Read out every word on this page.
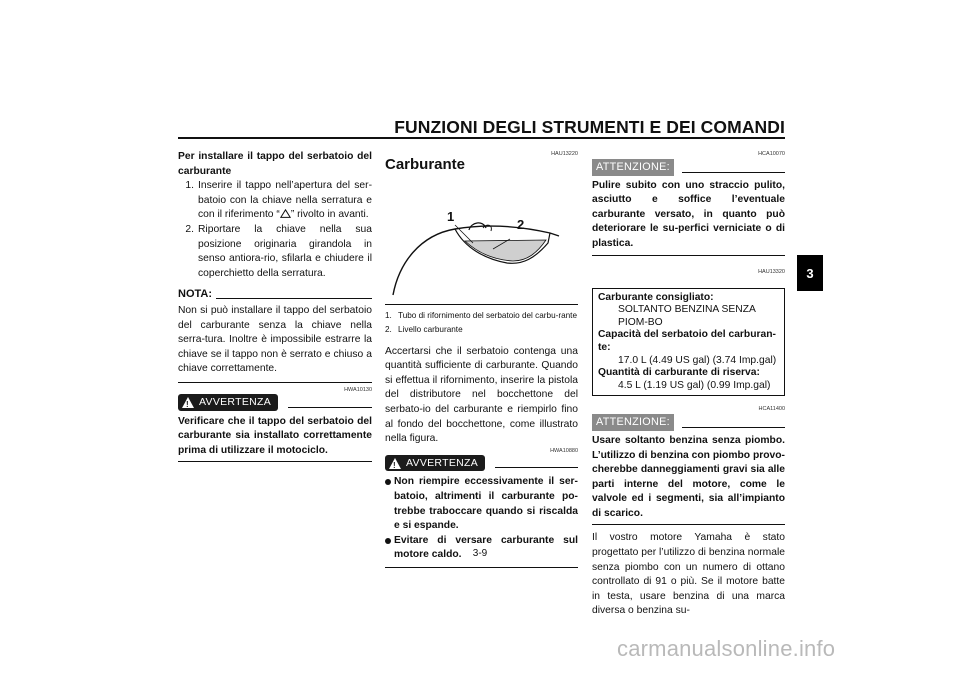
FUNZIONI DEGLI STRUMENTI E DEI COMANDI
3
Per installare il tappo del serbatoio del carburante
1. Inserire il tappo nell’apertura del ser-batoio con la chiave nella serratura e con il riferimento “ ” rivolto in avanti.
2. Riportare la chiave nella sua posizione originaria girandola in senso antiora-rio, sfilarla e chiudere il coperchietto della serratura.
NOTA:
Non si può installare il tappo del serbatoio del carburante senza la chiave nella serra-tura. Inoltre è impossibile estrarre la chiave se il tappo non è serrato e chiuso a chiave correttamente.
HWA10130
!
AVVERTENZA
Verificare che il tappo del serbatoio del carburante sia installato correttamente prima di utilizzare il motociclo.
HAU13220
Carburante
1
2
1. Tubo di rifornimento del serbatoio del carbu-rante
2. Livello carburante
Accertarsi che il serbatoio contenga una quantità sufficiente di carburante. Quando si effettua il rifornimento, inserire la pistola del distributore nel bocchettone del serbato-io del carburante e riempirlo fino al fondo del bocchettone, come illustrato nella figura.
HWA10880
!
AVVERTENZA
Non riempire eccessivamente il ser-batoio, altrimenti il carburante po-trebbe traboccare quando si riscalda e si espande.
Evitare di versare carburante sul motore caldo.
HCA10070
ATTENZIONE:
Pulire subito con uno straccio pulito, asciutto e soffice l’eventuale carburante versato, in quanto può deteriorare le su-perfici verniciate o di plastica.
HAU13320
Carburante consigliato:
SOLTANTO BENZINA SENZA PIOM-BO
Capacità del serbatoio del carburan-te:
17.0 L (4.49 US gal) (3.74 Imp.gal)
Quantità di carburante di riserva:
4.5 L (1.19 US gal) (0.99 Imp.gal)
HCA11400
ATTENZIONE:
Usare soltanto benzina senza piombo. L’utilizzo di benzina con piombo provo-cherebbe danneggiamenti gravi sia alle parti interne del motore, come le valvole ed i segmenti, sia all’impianto di scarico.
Il vostro motore Yamaha è stato progettato per l’utilizzo di benzina normale senza piombo con un numero di ottano controllato di 91 o più. Se il motore batte in testa, usare benzina di una marca diversa o benzina su-
3-9
carmanualsonline.info
